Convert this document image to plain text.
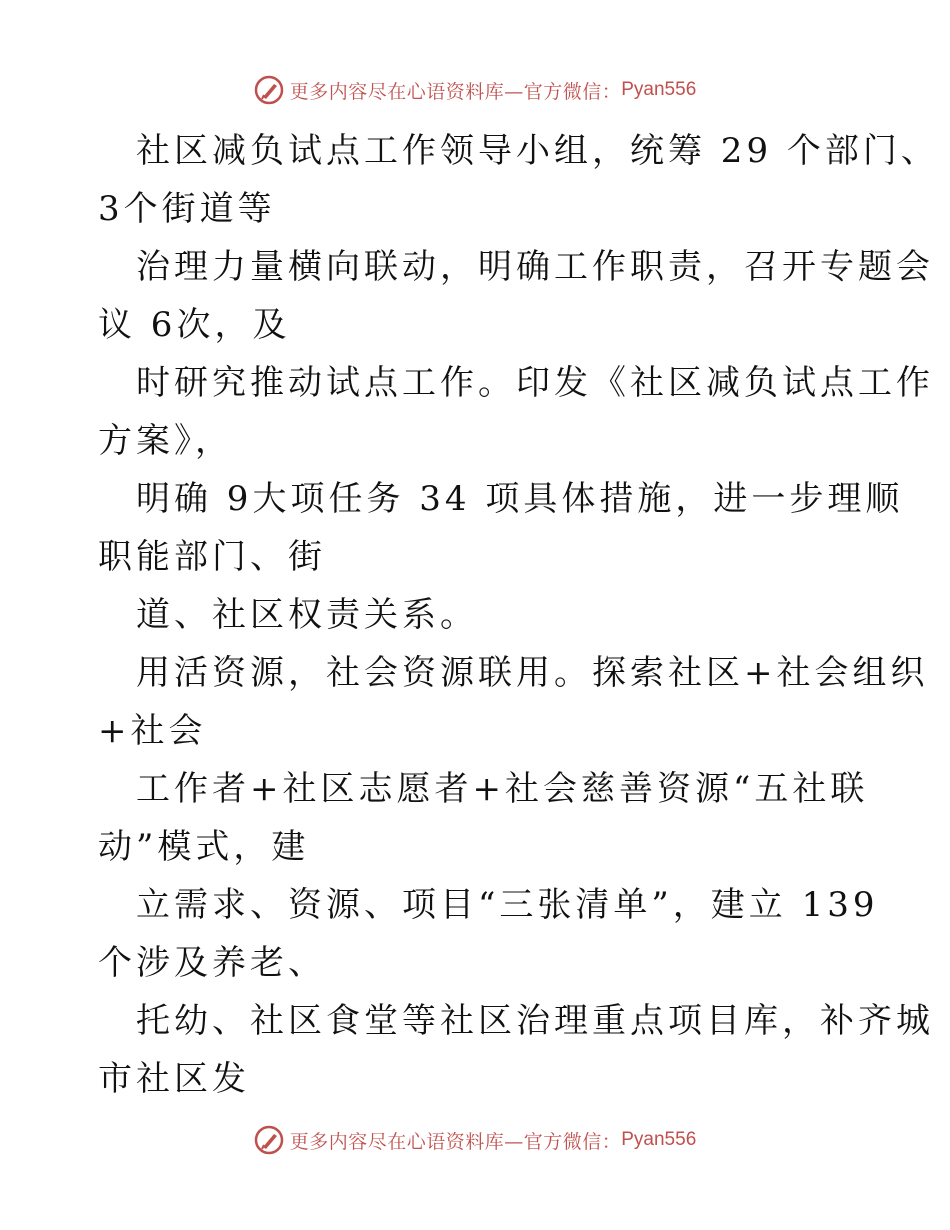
更多内容尽在心语资料库—官方微信： Pyan556
社区减负试点工作领导小组，统筹 29 个部门、
3个街道等
治理力量横向联动，明确工作职责，召开专题会
议 6次，及
时研究推动试点工作。印发《社区减负试点工作
方案》，
明确 9大项任务 34 项具体措施，进一步理顺
职能部门、街
道、社区权责关系。
用活资源，社会资源联用。探索社区+社会组织
+社会
工作者+社区志愿者+社会慈善资源“五社联
动”模式，建
立需求、资源、项目“三张清单”，建立 139
个涉及养老、
托幼、社区食堂等社区治理重点项目库，补齐城
市社区发
更多内容尽在心语资料库—官方微信： Pyan556
